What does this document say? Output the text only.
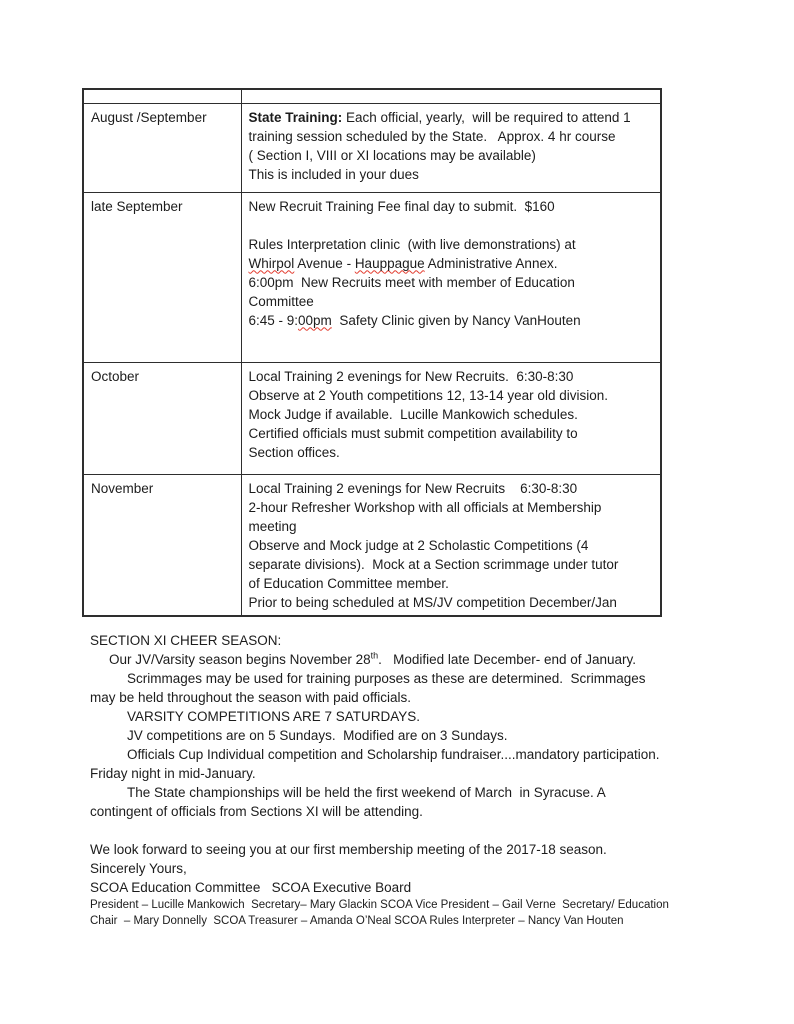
August /September	State Training: Each official, yearly,  will be required to attend 1
training session scheduled by the State.   Approx. 4 hr course
( Section I, VIII or XI locations may be available)
This is included in your dues

late September	New Recruit Training Fee final day to submit.  $160
Rules Interpretation clinic  (with live demonstrations) at
Whirpol Avenue - Hauppague Administrative Annex.
6:00pm  New Recruits meet with member of Education
Committee
6:45 - 9:00pm  Safety Clinic given by Nancy VanHouten

October	Local Training 2 evenings for New Recruits.  6:30-8:30
Observe at 2 Youth competitions 12, 13-14 year old division.
Mock Judge if available.  Lucille Mankowich schedules.
Certified officials must submit competition availability to
Section offices.

November	Local Training 2 evenings for New Recruits    6:30-8:30
2-hour Refresher Workshop with all officials at Membership
meeting
Observe and Mock judge at 2 Scholastic Competitions (4
separate divisions).  Mock at a Section scrimmage under tutor
of Education Committee member.
Prior to being scheduled at MS/JV competition December/Jan
SECTION XI CHEER SEASON:
Our JV/Varsity season begins November 28th.   Modified late December- end of January.
Scrimmages may be used for training purposes as these are determined.  Scrimmages
may be held throughout the season with paid officials.
VARSITY COMPETITIONS ARE 7 SATURDAYS.
JV competitions are on 5 Sundays.  Modified are on 3 Sundays.
Officials Cup Individual competition and Scholarship fundraiser....mandatory participation.
Friday night in mid-January.
The State championships will be held the first weekend of March  in Syracuse. A
contingent of officials from Sections XI will be attending.
We look forward to seeing you at our first membership meeting of the 2017-18 season.
Sincerely Yours,
SCOA Education Committee   SCOA Executive Board
President – Lucille Mankowich  Secretary– Mary Glackin SCOA Vice President – Gail Verne  Secretary/ Education
Chair  – Mary Donnelly  SCOA Treasurer – Amanda O’Neal SCOA Rules Interpreter – Nancy Van Houten
